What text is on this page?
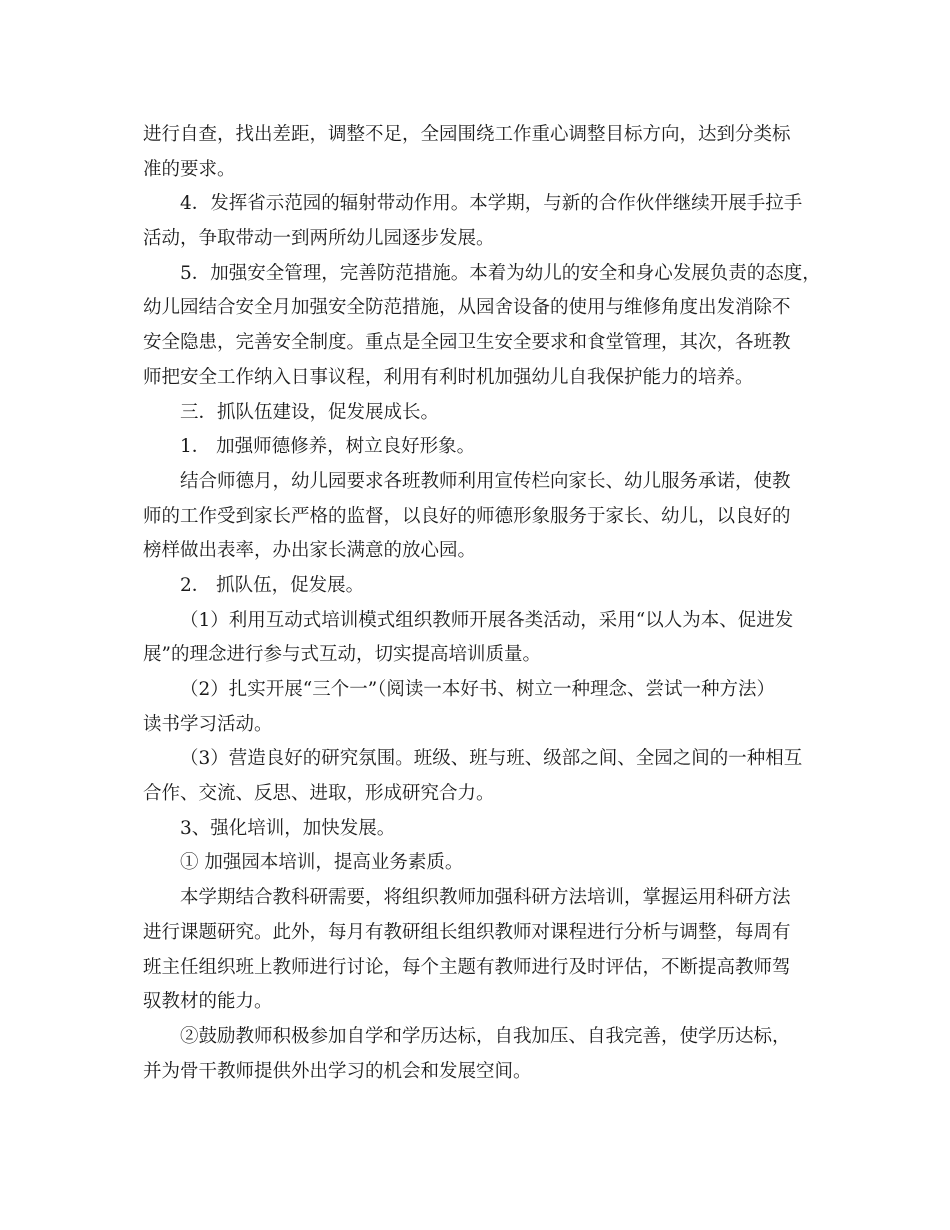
进行自查，找出差距，调整不足，全园围绕工作重心调整目标方向，达到分类标
准的要求。
4．发挥省示范园的辐射带动作用。本学期，与新的合作伙伴继续开展手拉手
活动，争取带动一到两所幼儿园逐步发展。
5．加强安全管理，完善防范措施。本着为幼儿的安全和身心发展负责的态度，
幼儿园结合安全月加强安全防范措施，从园舍设备的使用与维修角度出发消除不
安全隐患，完善安全制度。重点是全园卫生安全要求和食堂管理，其次，各班教
师把安全工作纳入日事议程，利用有利时机加强幼儿自我保护能力的培养。
三．抓队伍建设，促发展成长。
1． 加强师德修养，树立良好形象。
结合师德月，幼儿园要求各班教师利用宣传栏向家长、幼儿服务承诺，使教
师的工作受到家长严格的监督，以良好的师德形象服务于家长、幼儿，以良好的
榜样做出表率，办出家长满意的放心园。
2． 抓队伍，促发展。
（1）利用互动式培训模式组织教师开展各类活动，采用“以人为本、促进发
展”的理念进行参与式互动，切实提高培训质量。
（2）扎实开展“三个一”（阅读一本好书、树立一种理念、尝试一种方法）
读书学习活动。
（3）营造良好的研究氛围。班级、班与班、级部之间、全园之间的一种相互
合作、交流、反思、进取，形成研究合力。
3、强化培训，加快发展。
① 加强园本培训，提高业务素质。
本学期结合教科研需要，将组织教师加强科研方法培训，掌握运用科研方法
进行课题研究。此外，每月有教研组长组织教师对课程进行分析与调整，每周有
班主任组织班上教师进行讨论，每个主题有教师进行及时评估，不断提高教师驾
驭教材的能力。
②鼓励教师积极参加自学和学历达标，自我加压、自我完善，使学历达标，
并为骨干教师提供外出学习的机会和发展空间。
